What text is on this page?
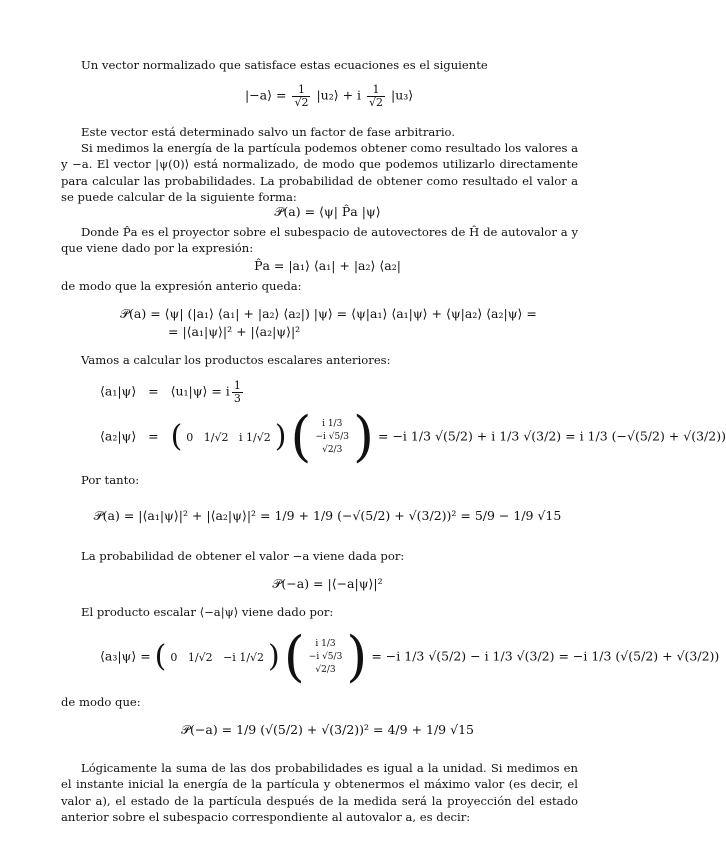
Un vector normalizado que satisface estas ecuaciones es el siguiente

|−a⟩ = $\frac{1}{√2}$ |u₂⟩ + i $\frac{1}{√2}$ |u₃⟩

Este vector está determinado salvo un factor de fase arbitrario.

Si medimos la energía de la partícula podemos obtener como resultado los valores a y −a. El vector |ψ(0)⟩ está normalizado, de modo que podemos utilizarlo directamente para calcular las probabilidades. La probabilidad de obtener como resultado el valor a se puede calcular de la siguiente forma:

𝒫(a) = ⟨ψ| P̂a |ψ⟩

Donde P̂a es el proyector sobre el subespacio de autovectores de Ĥ de autovalor a y que viene dado por la expresión:

P̂a = |a₁⟩ ⟨a₁| + |a₂⟩ ⟨a₂|

de modo que la expresión anterio queda:

𝒫(a) = ⟨ψ| (|a₁⟩ ⟨a₁| + |a₂⟩ ⟨a₂|) |ψ⟩ = ⟨ψ|a₁⟩ ⟨a₁|ψ⟩ + ⟨ψ|a₂⟩ ⟨a₂|ψ⟩ =
= |⟨a₁|ψ⟩|² + |⟨a₂|ψ⟩|²

Vamos a calcular los productos escalares anteriores:

⟨a₁|ψ⟩ = ⟨u₁|ψ⟩ = i $\frac{1}{3}$
⟨a₂|ψ⟩ = ( 0 1/√2 i 1/√2 ) (	i 1/3
−i √5/3
√2/3 ) = −i 1/3 √(5/2) + i 1/3 √(3/2) = i 1/3 (−√(5/2) + √(3/2))

Por tanto:

𝒫(a) = |⟨a₁|ψ⟩|² + |⟨a₂|ψ⟩|² = 1/9 + 1/9 (−√(5/2) + √(3/2))² = 5/9 − 1/9 √15

La probabilidad de obtener el valor −a viene dada por:

𝒫(−a) = |⟨−a|ψ⟩|²

El producto escalar ⟨−a|ψ⟩ viene dado por:

⟨a₃|ψ⟩ = ( 0 1/√2 −i 1/√2 ) (	i 1/3
−i √5/3
√2/3 ) = −i 1/3 √(5/2) − i 1/3 √(3/2) = −i 1/3 (√(5/2) + √(3/2))

de modo que:

𝒫(−a) = 1/9 (√(5/2) + √(3/2))² = 4/9 + 1/9 √15

Lógicamente la suma de las dos probabilidades es igual a la unidad. Si medimos en el instante inicial la energía de la partícula y obtenermos el máximo valor (es decir, el valor a), el estado de la partícula después de la medida será la proyección del estado anterior sobre el subespacio correspondiente al autovalor a, es decir:
